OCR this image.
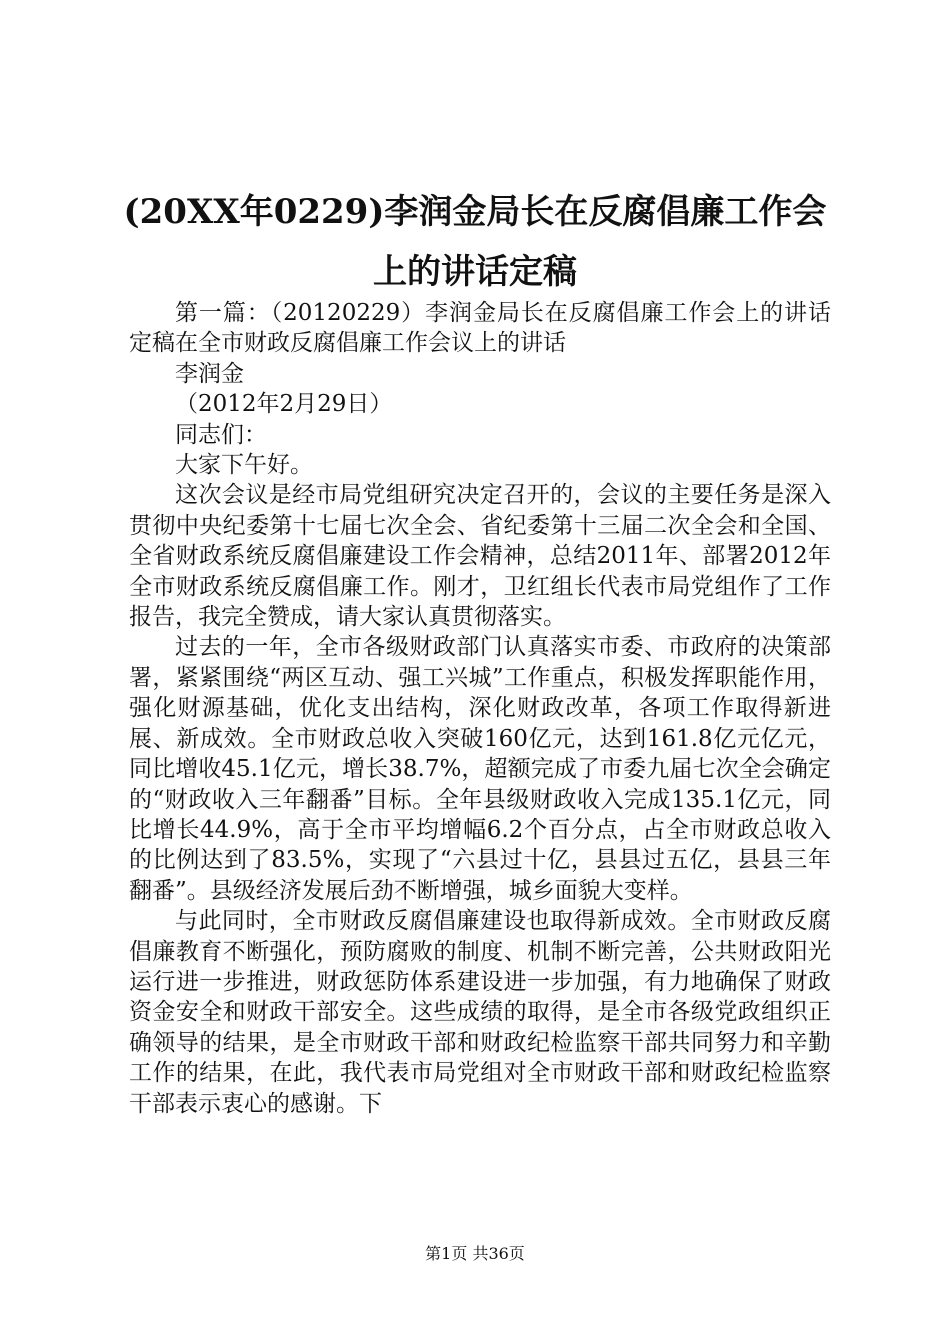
(20XX年0229)李润金局长在反腐倡廉工作会
上的讲话定稿

第一篇：（20120229）李润金局长在反腐倡廉工作会上的讲话定稿在全市财政反腐倡廉工作会议上的讲话

李润金

（2012年2月29日）

同志们：

大家下午好。

这次会议是经市局党组研究决定召开的，会议的主要任务是深入贯彻中央纪委第十七届七次全会、省纪委第十三届二次全会和全国、全省财政系统反腐倡廉建设工作会精神，总结2011年、部署2012年全市财政系统反腐倡廉工作。刚才，卫红组长代表市局党组作了工作报告，我完全赞成，请大家认真贯彻落实。

过去的一年，全市各级财政部门认真落实市委、市政府的决策部署，紧紧围绕“两区互动、强工兴城”工作重点，积极发挥职能作用，强化财源基础，优化支出结构，深化财政改革，各项工作取得新进展、新成效。全市财政总收入突破160亿元，达到161.8亿元亿元，同比增收45.1亿元，增长38.7%，超额完成了市委九届七次全会确定的“财政收入三年翻番”目标。全年县级财政收入完成135.1亿元，同比增长44.9%，高于全市平均增幅6.2个百分点，占全市财政总收入的比例达到了83.5%，实现了“六县过十亿，县县过五亿，县县三年翻番”。县级经济发展后劲不断增强，城乡面貌大变样。

与此同时，全市财政反腐倡廉建设也取得新成效。全市财政反腐倡廉教育不断强化，预防腐败的制度、机制不断完善，公共财政阳光运行进一步推进，财政惩防体系建设进一步加强，有力地确保了财政资金安全和财政干部安全。这些成绩的取得，是全市各级党政组织正确领导的结果，是全市财政干部和财政纪检监察干部共同努力和辛勤工作的结果，在此，我代表市局党组对全市财政干部和财政纪检监察干部表示衷心的感谢。下

第1页 共36页
